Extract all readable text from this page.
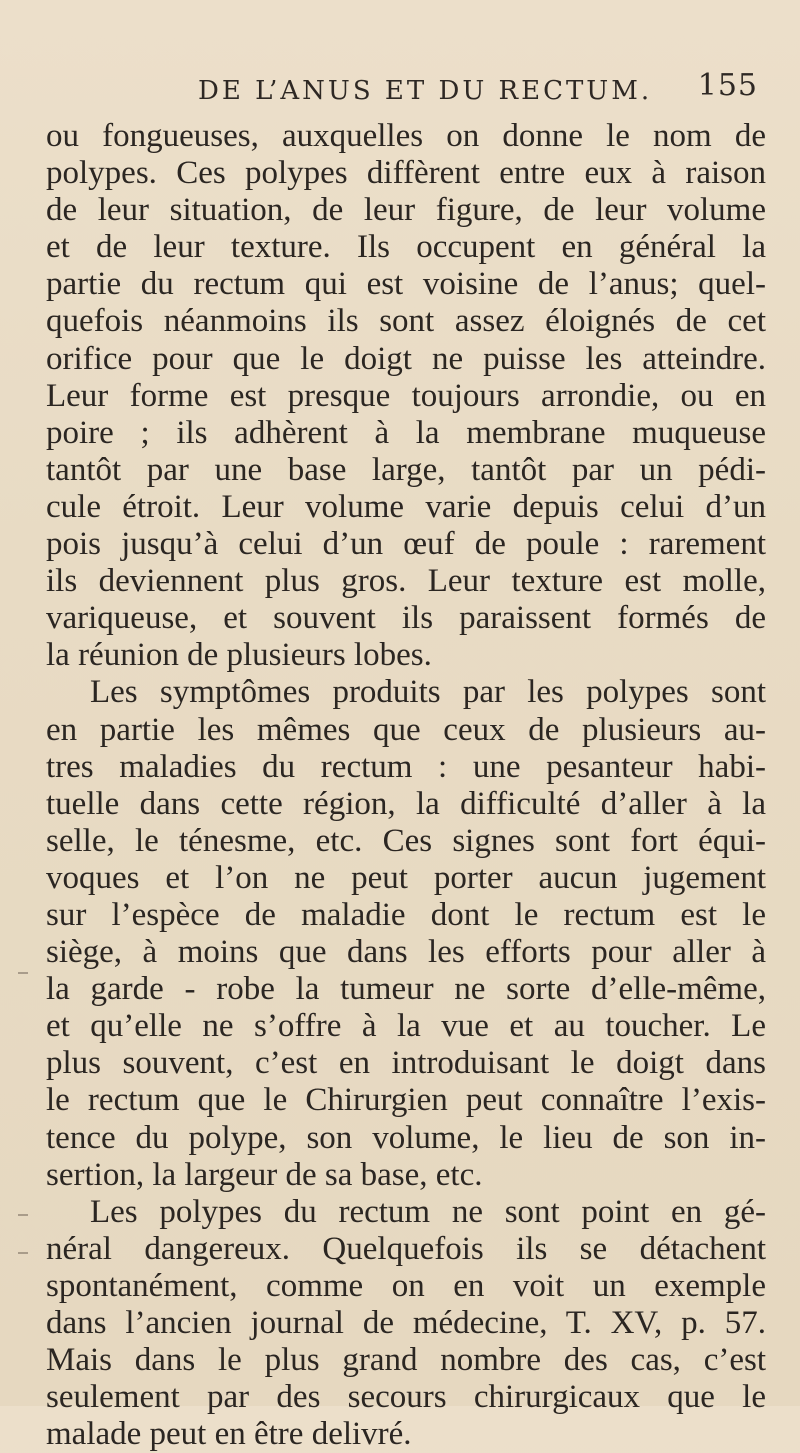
DE L’ANUS ET DU RECTUM. 155
ou fongueuses, auxquelles on donne le nom de
polypes. Ces polypes diffèrent entre eux à raison
de leur situation, de leur figure, de leur volume
et de leur texture. Ils occupent en général la
partie du rectum qui est voisine de l’anus; quel-
quefois néanmoins ils sont assez éloignés de cet
orifice pour que le doigt ne puisse les atteindre.
Leur forme est presque toujours arrondie, ou en
poire ; ils adhèrent à la membrane muqueuse
tantôt par une base large, tantôt par un pédi-
cule étroit. Leur volume varie depuis celui d’un
pois jusqu’à celui d’un œuf de poule : rarement
ils deviennent plus gros. Leur texture est molle,
variqueuse, et souvent ils paraissent formés de
la réunion de plusieurs lobes.
Les symptômes produits par les polypes sont
en partie les mêmes que ceux de plusieurs au-
tres maladies du rectum : une pesanteur habi-
tuelle dans cette région, la difficulté d’aller à la
selle, le ténesme, etc. Ces signes sont fort équi-
voques et l’on ne peut porter aucun jugement
sur l’espèce de maladie dont le rectum est le
siège, à moins que dans les efforts pour aller à
la garde - robe la tumeur ne sorte d’elle-même,
et qu’elle ne s’offre à la vue et au toucher. Le
plus souvent, c’est en introduisant le doigt dans
le rectum que le Chirurgien peut connaître l’exis-
tence du polype, son volume, le lieu de son in-
sertion, la largeur de sa base, etc.
Les polypes du rectum ne sont point en gé-
néral dangereux. Quelquefois ils se détachent
spontanément, comme on en voit un exemple
dans l’ancien journal de médecine, T. XV, p. 57.
Mais dans le plus grand nombre des cas, c’est
seulement par des secours chirurgicaux que le
malade peut en être delivré.
